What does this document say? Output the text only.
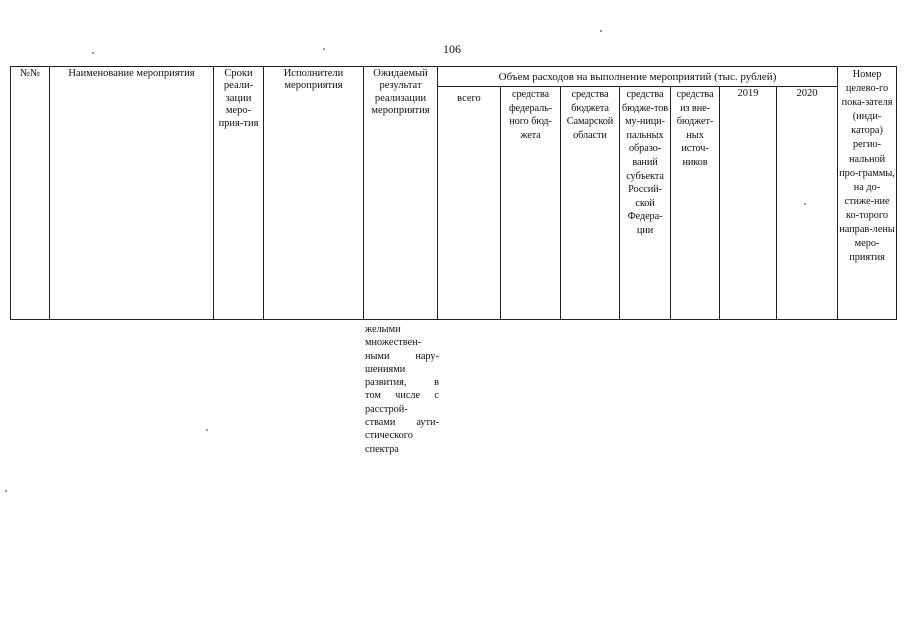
106
№№	Наименование мероприятия	Сроки реали-зации меро-прия-тия	Исполнители мероприятия	Ожидаемый результат реализации мероприятия	Объем расходов на выполнение мероприятий (тыс. рублей)							Номер целево-го пока-зателя (инди-катора) регио-нальной про-граммы, на до-стиже-ние ко-торого направ-лены меро-приятия
					всего	средства федераль-ного бюд-жета	средства бюджета Самарской области	средства бюдже-тов му-ници-пальных образо-ваний субъекта Россий-ской Федера-ции	средства из вне-бюджет-ных источ-ников	2019	2020	
желыми
множествен-
ными	нару-
шениями
развития,	в
том числе с
расстрой-
ствами аути-
стического
спектра
